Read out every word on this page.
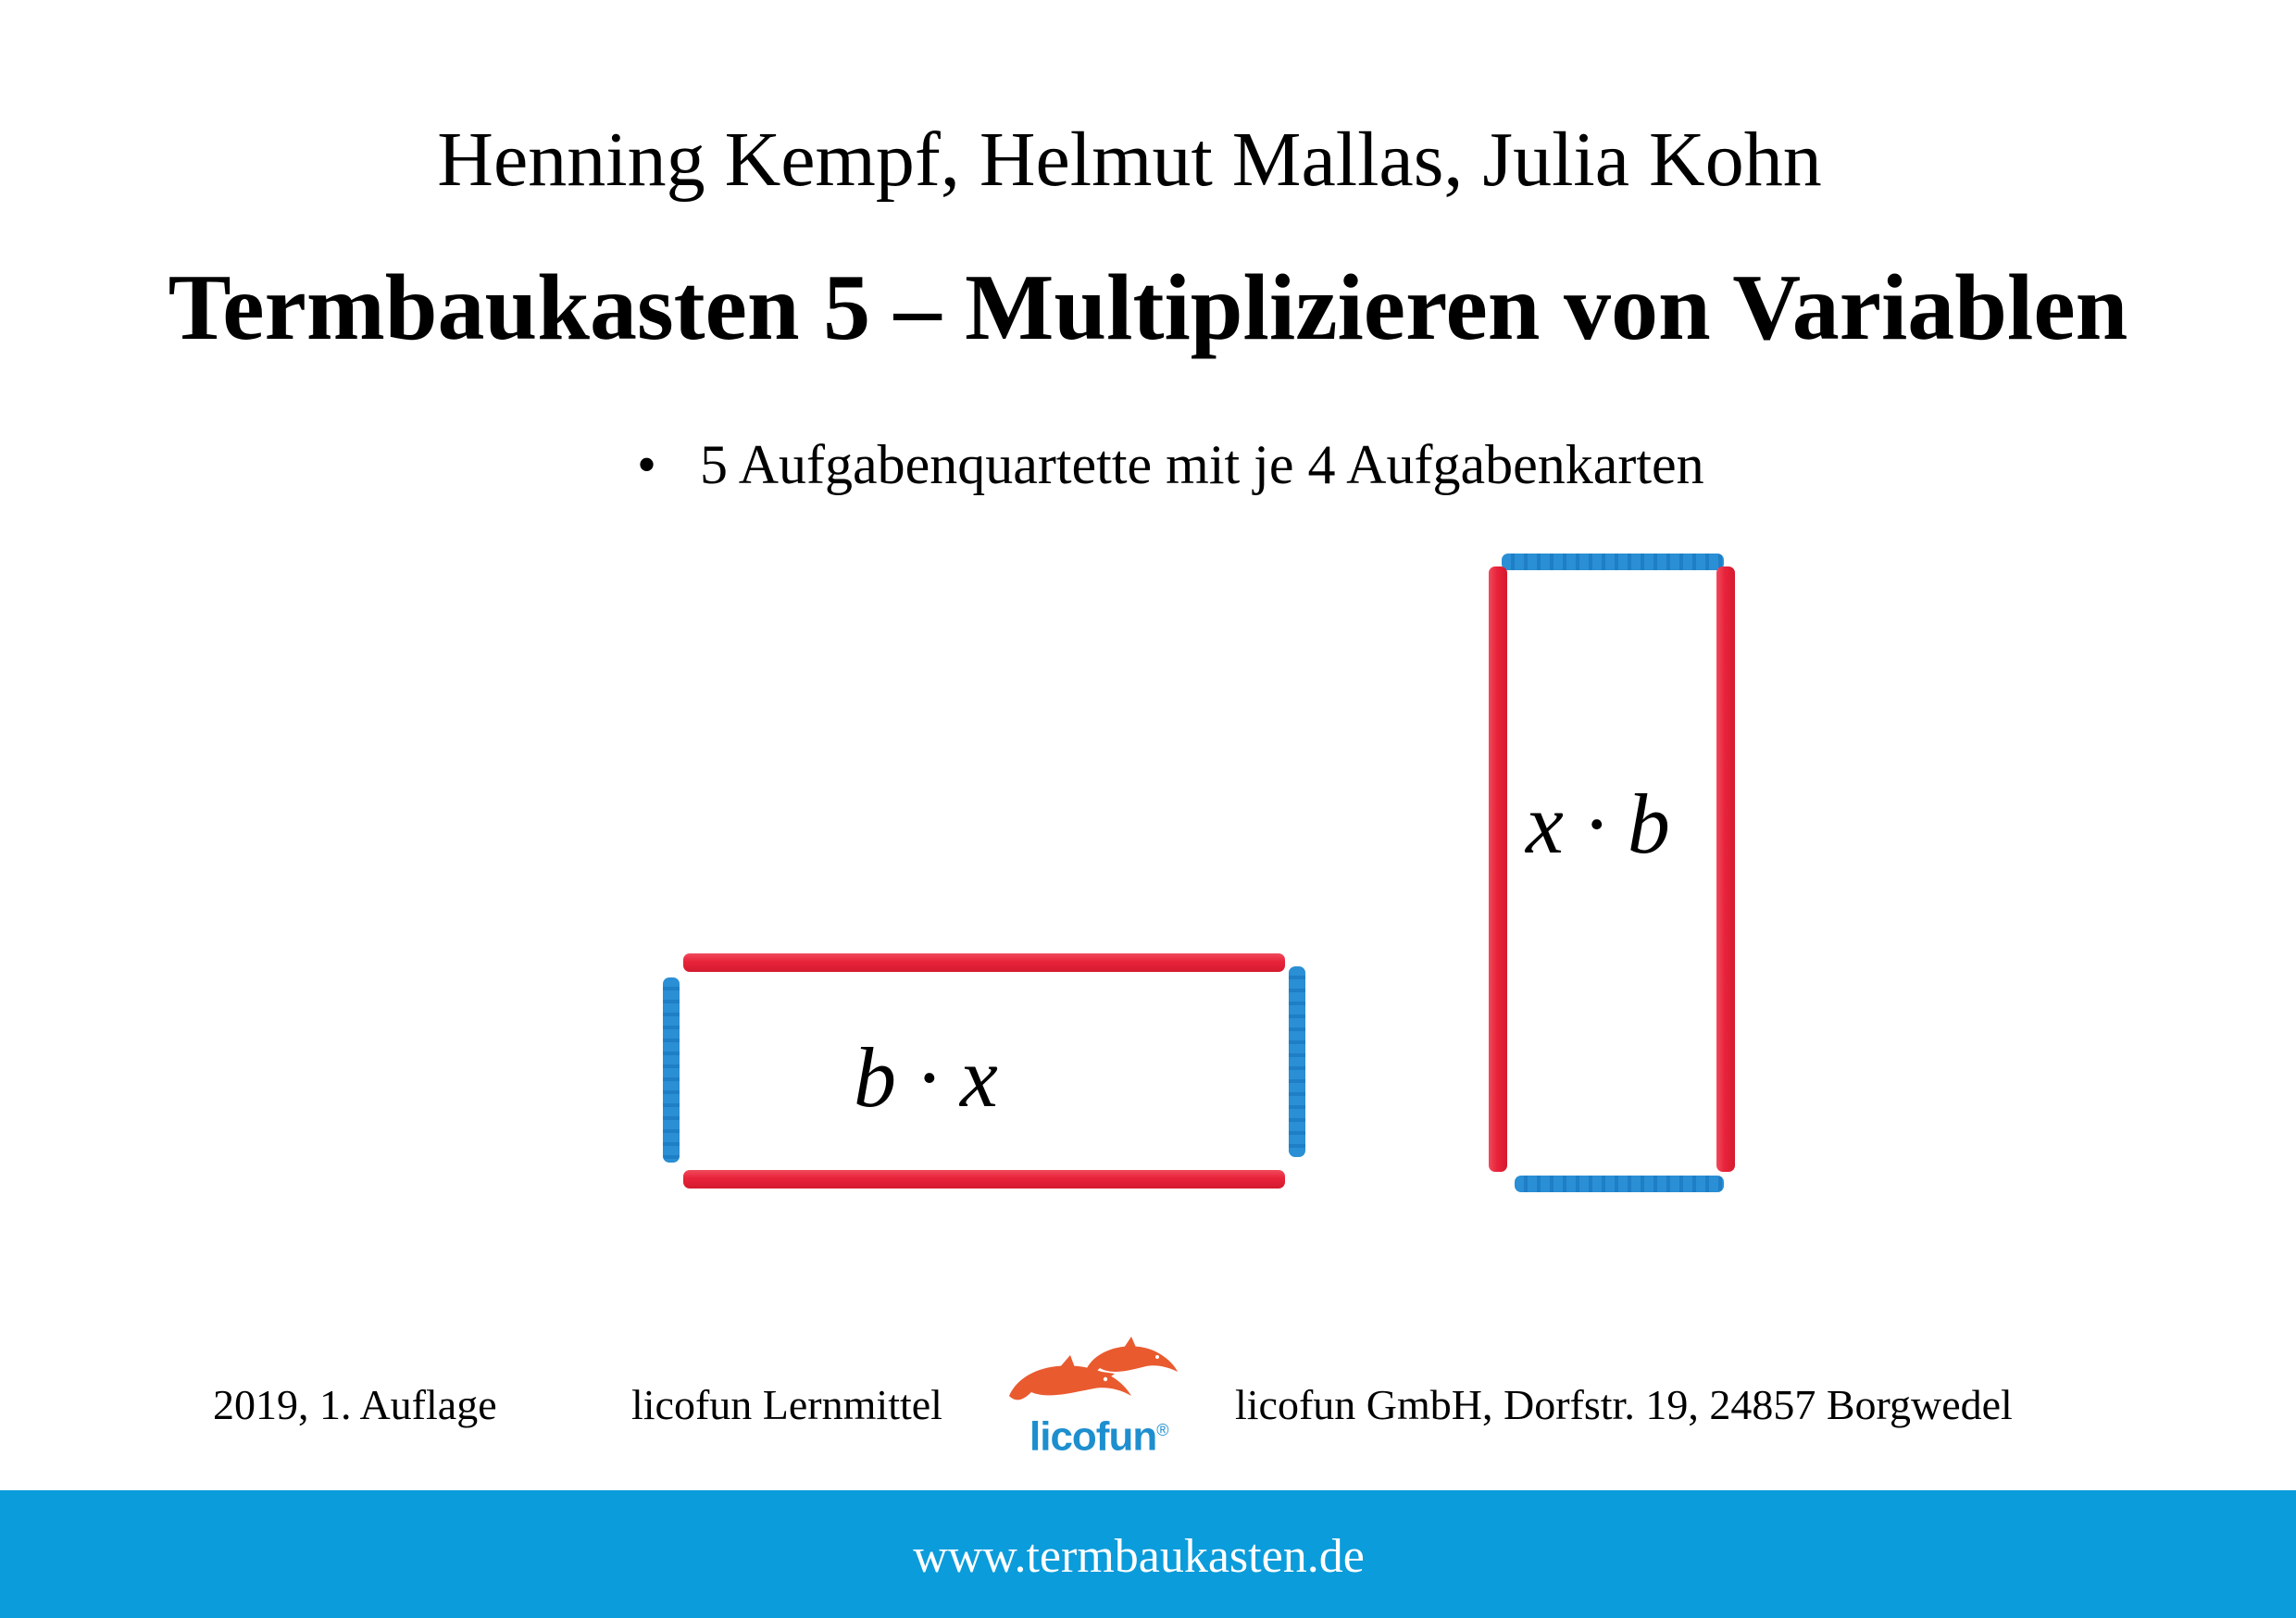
Henning Kempf, Helmut Mallas, Julia Kohn
Termbaukasten 5 – Multiplizieren von Variablen
• 5 Aufgabenquartette mit je 4 Aufgabenkarten
b · x
x · b
2019, 1. Auflage	licofun Lernmittel
licofun®
licofun GmbH, Dorfstr. 19, 24857 Borgwedel
www.termbaukasten.de
